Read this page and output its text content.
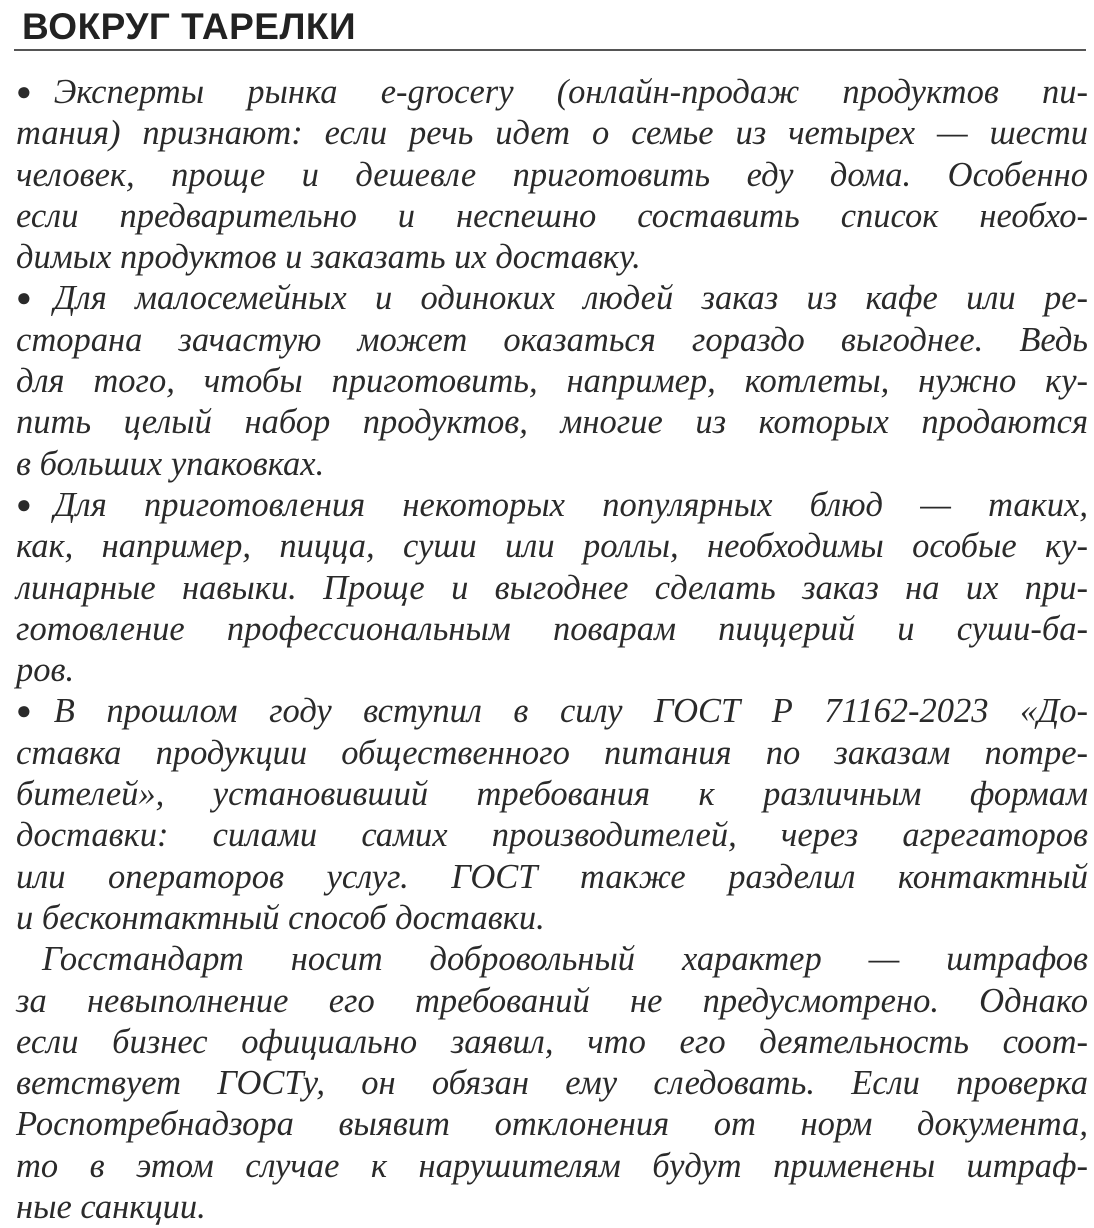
ВОКРУГ ТАРЕЛКИ
● Эксперты рынка e-grocery (онлайн-продаж продуктов пи-
тания) признают: если речь идет о семье из четырех — шести
человек, проще и дешевле приготовить еду дома. Особенно
если предварительно и неспешно составить список необхо-
димых продуктов и заказать их доставку.
● Для малосемейных и одиноких людей заказ из кафе или ре-
сторана зачастую может оказаться гораздо выгоднее. Ведь
для того, чтобы приготовить, например, котлеты, нужно ку-
пить целый набор продуктов, многие из которых продаются
в больших упаковках.
● Для приготовления некоторых популярных блюд — таких,
как, например, пицца, суши или роллы, необходимы особые ку-
линарные навыки. Проще и выгоднее сделать заказ на их при-
готовление профессиональным поварам пиццерий и суши-ба-
ров.
● В прошлом году вступил в силу ГОСТ Р 71162-2023 «До-
ставка продукции общественного питания по заказам потре-
бителей», установивший требования к различным формам
доставки: силами самих производителей, через агрегаторов
или операторов услуг. ГОСТ также разделил контактный
и бесконтактный способ доставки.
Госстандарт носит добровольный характер — штрафов
за невыполнение его требований не предусмотрено. Однако
если бизнес официально заявил, что его деятельность соот-
ветствует ГОСТу, он обязан ему следовать. Если проверка
Роспотребнадзора выявит отклонения от норм документа,
то в этом случае к нарушителям будут применены штраф-
ные санкции.
